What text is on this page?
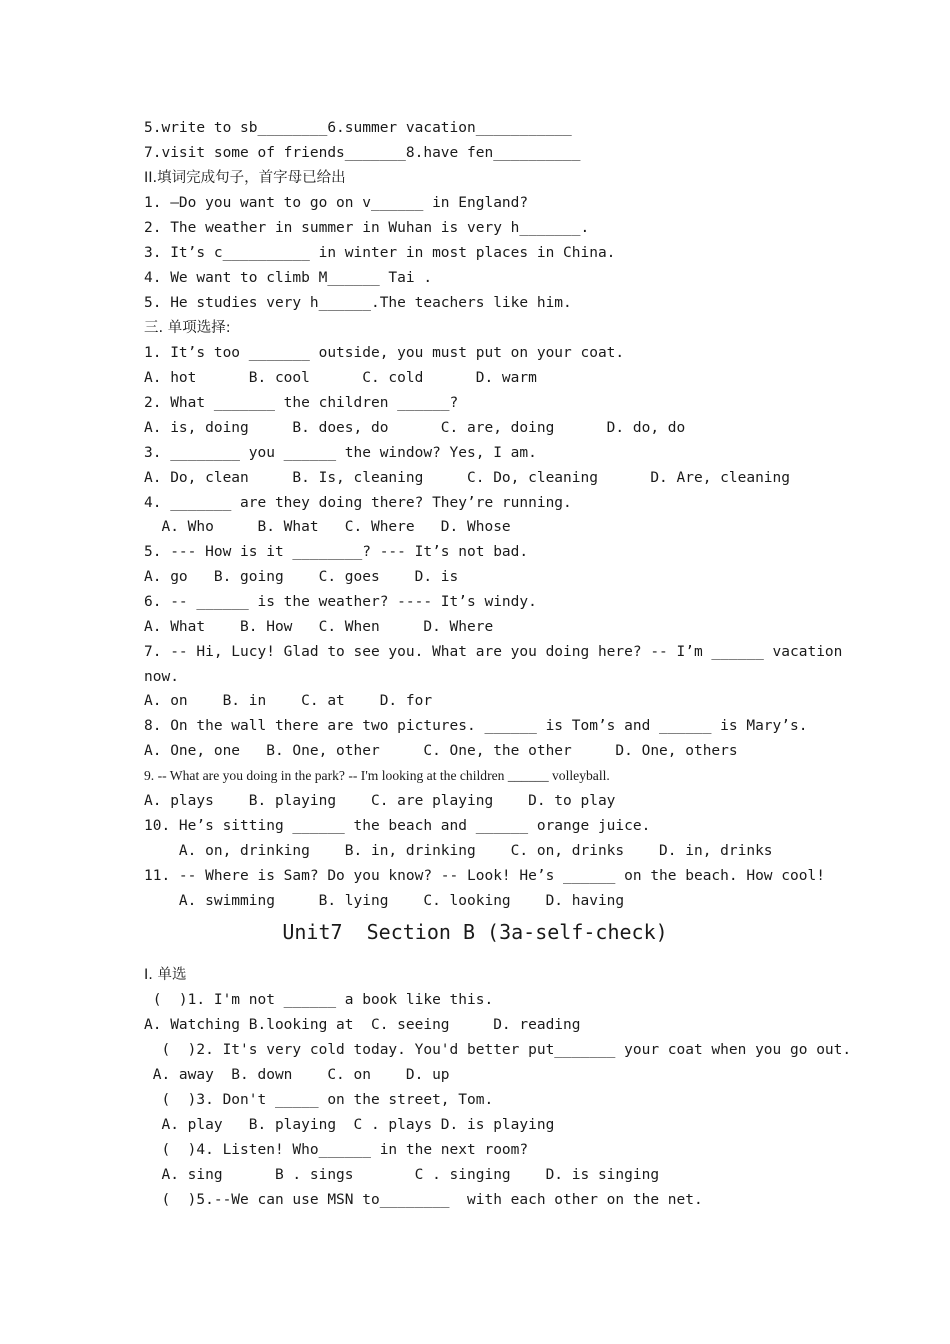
5.write to sb________6.summer vacation___________

7.visit some of friends_______8.have fen__________

II.填词完成句子，首字母已给出

1. —Do you want to go on v______ in England?

2. The weather in summer in Wuhan is very h_______.

3. It’s c__________ in winter in most places in China.

4. We want to climb M______ Tai .

5. He studies very h______.The teachers like him.

三. 单项选择:

1. It’s too _______ outside, you must put on your coat.

A. hot      B. cool      C. cold      D. warm

2. What _______ the children ______?

A. is, doing     B. does, do      C. are, doing      D. do, do

3. ________ you ______ the window? Yes, I am.

A. Do, clean     B. Is, cleaning     C. Do, cleaning      D. Are, cleaning

4. _______ are they doing there? They’re running.

A. Who     B. What   C. Where   D. Whose

5. --- How is it ________? --- It’s not bad.

A. go   B. going    C. goes    D. is

6. -- ______ is the weather? ---- It’s windy.

A. What    B. How   C. When     D. Where

7. -- Hi, Lucy! Glad to see you. What are you doing here? -- I’m ______ vacation

now.

A. on    B. in    C. at    D. for

8. On the wall there are two pictures. ______ is Tom’s and ______ is Mary’s.

A. One, one   B. One, other     C. One, the other     D. One, others

9. -- What are you doing in the park? -- I'm looking at the children ______ volleyball.

A. plays    B. playing    C. are playing    D. to play

10. He’s sitting ______ the beach and ______ orange juice.

A. on, drinking    B. in, drinking    C. on, drinks    D. in, drinks

11. -- Where is Sam? Do you know? -- Look! He’s ______ on the beach. How cool!

A. swimming     B. lying    C. looking    D. having

Unit7  Section B (3a-self-check)

I. 单选

(  )1. I'm not ______ a book like this.

A. Watching B.looking at  C. seeing     D. reading

(  )2. It's very cold today. You'd better put_______ your coat when you go out.

A. away  B. down    C. on    D. up

(  )3. Don't _____ on the street, Tom.

A. play   B. playing  C . plays D. is playing

(  )4. Listen! Who______ in the next room?

A. sing      B . sings       C . singing    D. is singing

(  )5.--We can use MSN to________  with each other on the net.
